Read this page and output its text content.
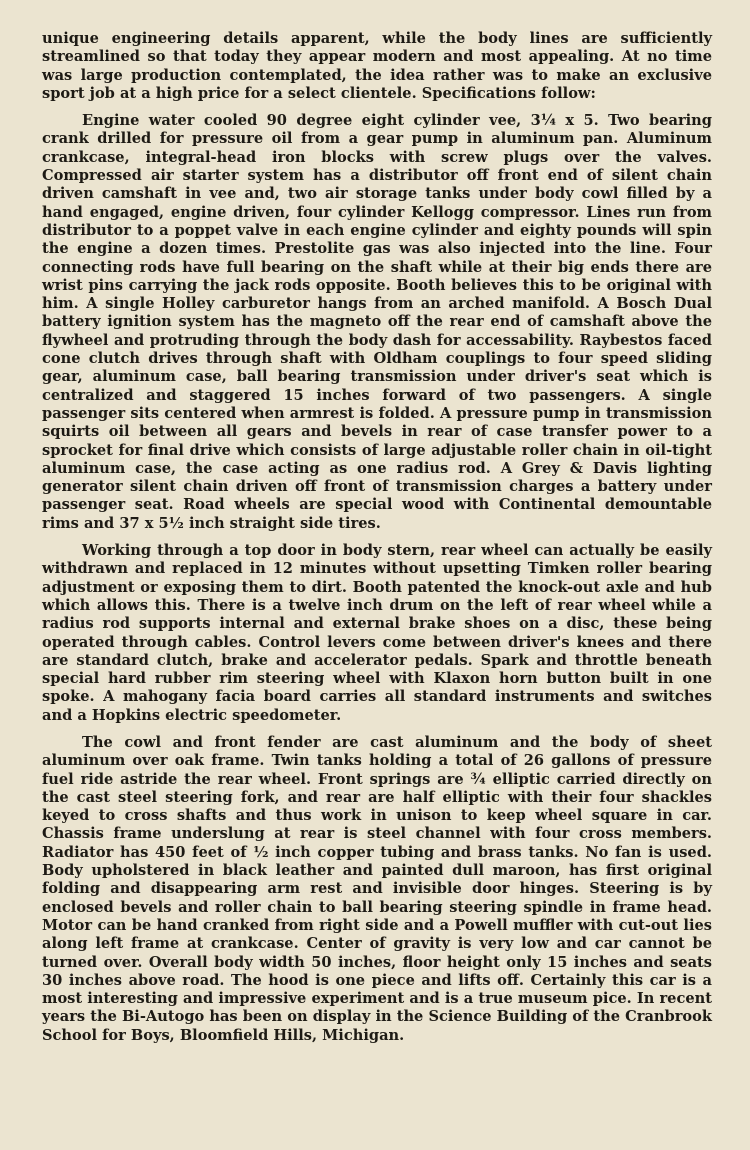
unique engineering details apparent, while the body lines are sufficiently streamlined so that today they appear modern and most appealing. At no time was large production contemplated, the idea rather was to make an exclusive sport job at a high price for a select clientele. Specifications follow:

Engine water cooled 90 degree eight cylinder vee, 3¼ x 5. Two bearing crank drilled for pressure oil from a gear pump in aluminum pan. Aluminum crankcase, integral-head iron blocks with screw plugs over the valves. Compressed air starter system has a distributor off front end of silent chain driven camshaft in vee and, two air storage tanks under body cowl filled by a hand engaged, engine driven, four cylinder Kellogg compressor. Lines run from distributor to a poppet valve in each engine cylinder and eighty pounds will spin the engine a dozen times. Prestolite gas was also injected into the line. Four connecting rods have full bearing on the shaft while at their big ends there are wrist pins carrying the jack rods opposite. Booth believes this to be original with him. A single Holley carburetor hangs from an arched manifold. A Bosch Dual battery ignition system has the magneto off the rear end of camshaft above the flywheel and protruding through the body dash for accessability. Raybestos faced cone clutch drives through shaft with Oldham couplings to four speed sliding gear, aluminum case, ball bearing transmission under driver's seat which is centralized and staggered 15 inches forward of two passengers. A single passenger sits centered when armrest is folded. A pressure pump in transmission squirts oil between all gears and bevels in rear of case transfer power to a sprocket for final drive which consists of large adjustable roller chain in oil-tight aluminum case, the case acting as one radius rod. A Grey & Davis lighting generator silent chain driven off front of transmission charges a battery under passenger seat. Road wheels are special wood with Continental demountable rims and 37 x 5½ inch straight side tires.

Working through a top door in body stern, rear wheel can actually be easily withdrawn and replaced in 12 minutes without upsetting Timken roller bearing adjustment or exposing them to dirt. Booth patented the knock-out axle and hub which allows this. There is a twelve inch drum on the left of rear wheel while a radius rod supports internal and external brake shoes on a disc, these being operated through cables. Control levers come between driver's knees and there are standard clutch, brake and accelerator pedals. Spark and throttle beneath special hard rubber rim steering wheel with Klaxon horn button built in one spoke. A mahogany facia board carries all standard instruments and switches and a Hopkins electric speedometer.

The cowl and front fender are cast aluminum and the body of sheet aluminum over oak frame. Twin tanks holding a total of 26 gallons of pressure fuel ride astride the rear wheel. Front springs are ¾ elliptic carried directly on the cast steel steering fork, and rear are half elliptic with their four shackles keyed to cross shafts and thus work in unison to keep wheel square in car. Chassis frame underslung at rear is steel channel with four cross members. Radiator has 450 feet of ½ inch copper tubing and brass tanks. No fan is used. Body upholstered in black leather and painted dull maroon, has first original folding and disappearing arm rest and invisible door hinges. Steering is by enclosed bevels and roller chain to ball bearing steering spindle in frame head. Motor can be hand cranked from right side and a Powell muffler with cut-out lies along left frame at crankcase. Center of gravity is very low and car cannot be turned over. Overall body width 50 inches, floor height only 15 inches and seats 30 inches above road. The hood is one piece and lifts off. Certainly this car is a most interesting and impressive experiment and is a true museum pice. In recent years the Bi-Autogo has been on display in the Science Building of the Cranbrook School for Boys, Bloomfield Hills, Michigan.
